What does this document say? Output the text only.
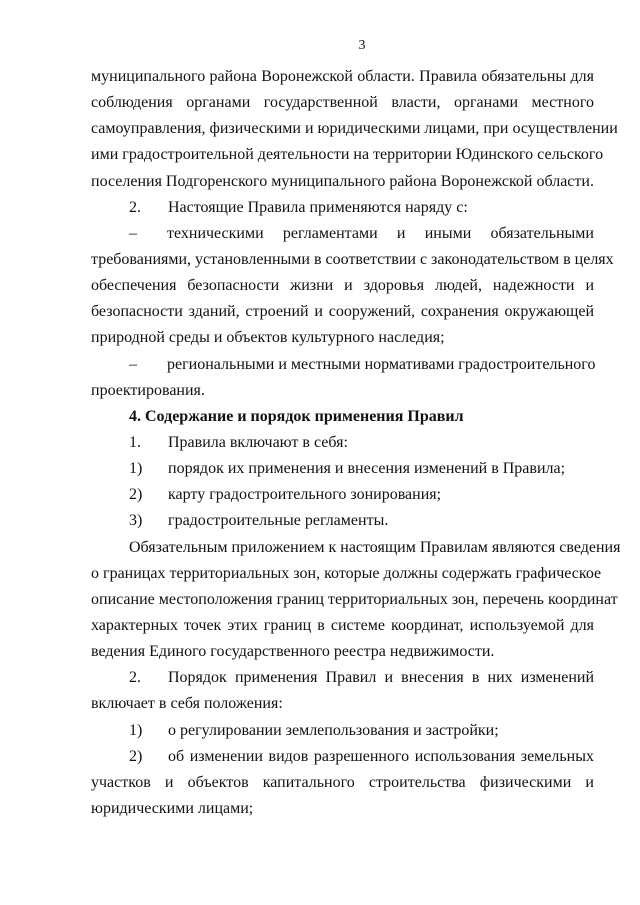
3
муниципального района Воронежской области. Правила обязательны для
соблюдения органами государственной власти, органами местного
самоуправления, физическими и юридическими лицами, при осуществлении
ими градостроительной деятельности на территории Юдинского сельского
поселения Подгоренского муниципального района Воронежской области.
2. Настоящие Правила применяются наряду с:
– техническими регламентами и иными обязательными
требованиями, установленными в соответствии с законодательством в целях
обеспечения безопасности жизни и здоровья людей, надежности и
безопасности зданий, строений и сооружений, сохранения окружающей
природной среды и объектов культурного наследия;
– региональными и местными нормативами градостроительного
проектирования.
4. Содержание и порядок применения Правил
1. Правила включают в себя:
1) порядок их применения и внесения изменений в Правила;
2) карту градостроительного зонирования;
3) градостроительные регламенты.
Обязательным приложением к настоящим Правилам являются сведения
о границах территориальных зон, которые должны содержать графическое
описание местоположения границ территориальных зон, перечень координат
характерных точек этих границ в системе координат, используемой для
ведения Единого государственного реестра недвижимости.
2. Порядок применения Правил и внесения в них изменений
включает в себя положения:
1) о регулировании землепользования и застройки;
2) об изменении видов разрешенного использования земельных
участков и объектов капитального строительства физическими и
юридическими лицами;
